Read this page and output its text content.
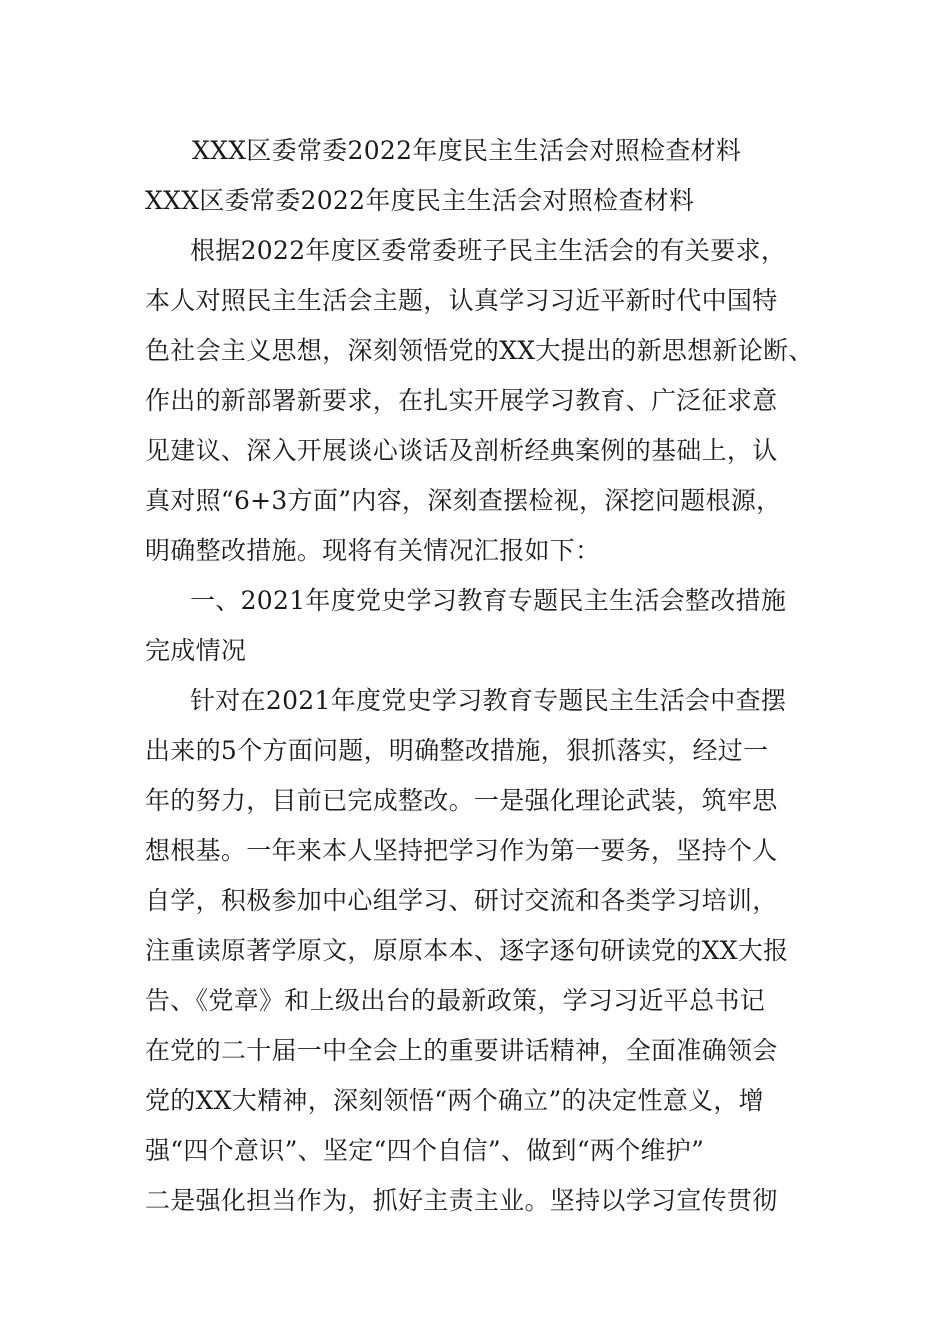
XXX区委常委2022年度民主生活会对照检查材料
XXX区委常委2022年度民主生活会对照检查材料
根据2022年度区委常委班子民主生活会的有关要求，
本人对照民主生活会主题，认真学习习近平新时代中国特
色社会主义思想，深刻领悟党的XX大提出的新思想新论断、
作出的新部署新要求，在扎实开展学习教育、广泛征求意
见建议、深入开展谈心谈话及剖析经典案例的基础上，认
真对照“6+3方面”内容，深刻查摆检视，深挖问题根源，
明确整改措施。现将有关情况汇报如下：
一、2021年度党史学习教育专题民主生活会整改措施
完成情况
针对在2021年度党史学习教育专题民主生活会中查摆
出来的5个方面问题，明确整改措施，狠抓落实，经过一
年的努力，目前已完成整改。一是强化理论武装，筑牢思
想根基。一年来本人坚持把学习作为第一要务，坚持个人
自学，积极参加中心组学习、研讨交流和各类学习培训，
注重读原著学原文，原原本本、逐字逐句研读党的XX大报
告、《党章》和上级出台的最新政策，学习习近平总书记
在党的二十届一中全会上的重要讲话精神，全面准确领会
党的XX大精神，深刻领悟“两个确立”的决定性意义，增
强“四个意识”、坚定“四个自信”、做到“两个维护”
二是强化担当作为，抓好主责主业。坚持以学习宣传贯彻
